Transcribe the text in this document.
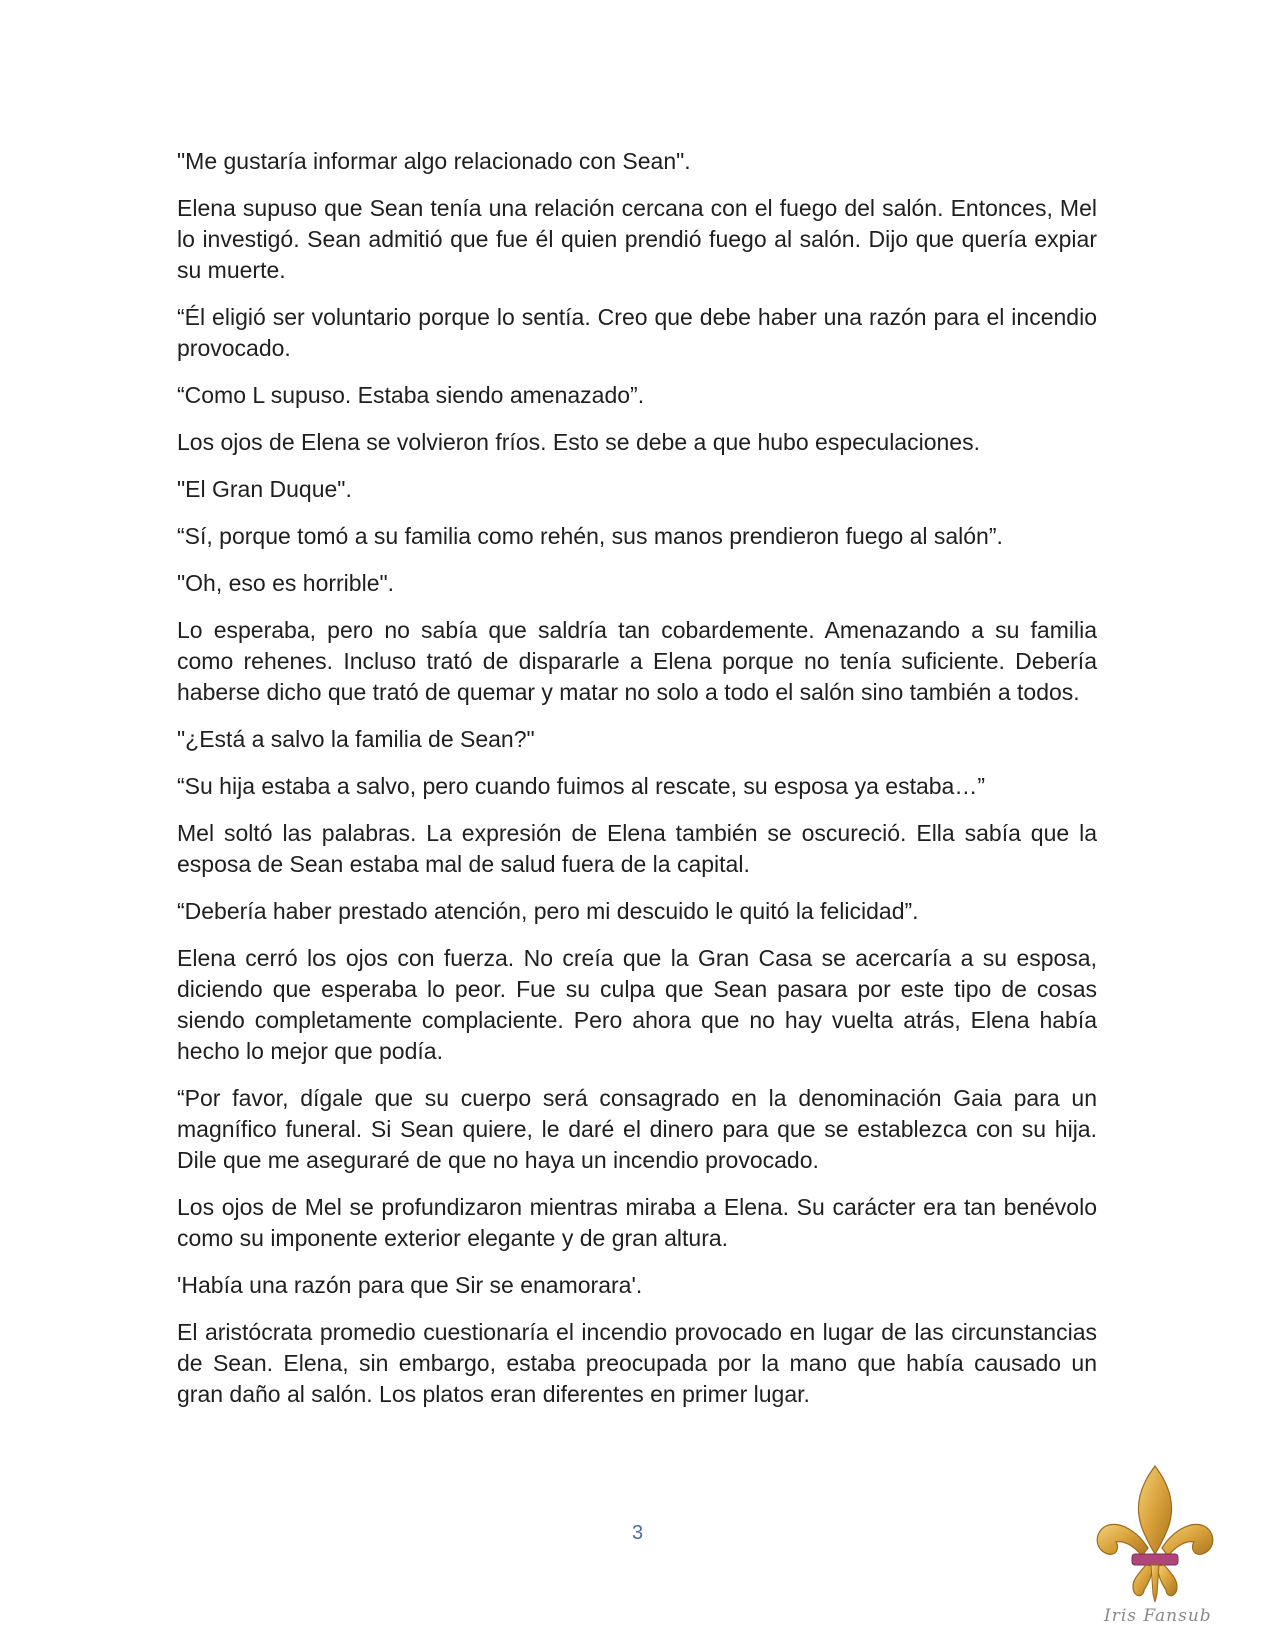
"Me gustaría informar algo relacionado con Sean".

Elena supuso que Sean tenía una relación cercana con el fuego del salón. Entonces, Mel lo investigó. Sean admitió que fue él quien prendió fuego al salón. Dijo que quería expiar su muerte.

“Él eligió ser voluntario porque lo sentía. Creo que debe haber una razón para el incendio provocado.

“Como L supuso. Estaba siendo amenazado”.

Los ojos de Elena se volvieron fríos. Esto se debe a que hubo especulaciones.

"El Gran Duque".

“Sí, porque tomó a su familia como rehén, sus manos prendieron fuego al salón”.

"Oh, eso es horrible".

Lo esperaba, pero no sabía que saldría tan cobardemente. Amenazando a su familia como rehenes. Incluso trató de dispararle a Elena porque no tenía suficiente. Debería haberse dicho que trató de quemar y matar no solo a todo el salón sino también a todos.

"¿Está a salvo la familia de Sean?"

“Su hija estaba a salvo, pero cuando fuimos al rescate, su esposa ya estaba…”

Mel soltó las palabras. La expresión de Elena también se oscureció. Ella sabía que la esposa de Sean estaba mal de salud fuera de la capital.

“Debería haber prestado atención, pero mi descuido le quitó la felicidad”.

Elena cerró los ojos con fuerza. No creía que la Gran Casa se acercaría a su esposa, diciendo que esperaba lo peor. Fue su culpa que Sean pasara por este tipo de cosas siendo completamente complaciente. Pero ahora que no hay vuelta atrás, Elena había hecho lo mejor que podía.

“Por favor, dígale que su cuerpo será consagrado en la denominación Gaia para un magnífico funeral. Si Sean quiere, le daré el dinero para que se establezca con su hija. Dile que me aseguraré de que no haya un incendio provocado.

Los ojos de Mel se profundizaron mientras miraba a Elena. Su carácter era tan benévolo como su imponente exterior elegante y de gran altura.

'Había una razón para que Sir se enamorara'.

El aristócrata promedio cuestionaría el incendio provocado en lugar de las circunstancias de Sean. Elena, sin embargo, estaba preocupada por la mano que había causado un gran daño al salón. Los platos eran diferentes en primer lugar.

3
Iris Fansub
